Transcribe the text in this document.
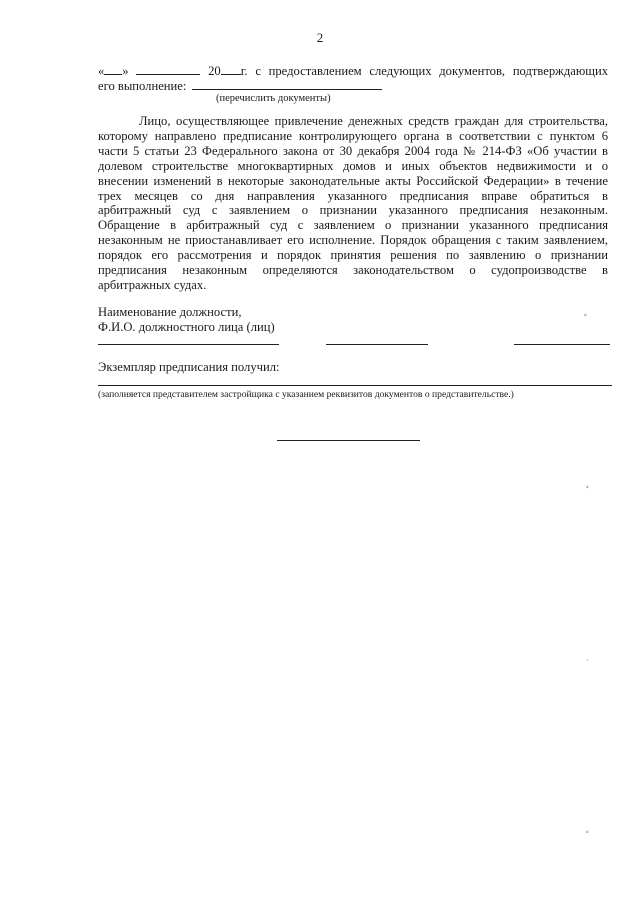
2
« »	20 г. с предоставлением следующих документов, подтверждающих
его выполнение:
(перечислить документы)
Лицо, осуществляющее привлечение денежных средств граждан для строительства,
которому направлено предписание контролирующего органа в соответствии с пунктом 6
части 5 статьи 23 Федерального закона от 30 декабря 2004 года № 214-ФЗ «Об участии в
долевом строительстве многоквартирных домов и иных объектов недвижимости и о
внесении изменений в некоторые законодательные акты Российской Федерации» в течение
трех месяцев со дня направления указанного предписания вправе обратиться в
арбитражный суд с заявлением о признании указанного предписания незаконным.
Обращение в арбитражный суд с заявлением о признании указанного предписания
незаконным не приостанавливает его исполнение. Порядок обращения с таким заявлением,
порядок его рассмотрения и порядок принятия решения по заявлению о признании
предписания незаконным определяются законодательством о судопроизводстве в
арбитражных судах.
Наименование должности,
Ф.И.О. должностного лица (лиц)
Экземпляр предписания получил:
(заполняется представителем застройщика с указанием реквизитов документов о представительстве.)
⸗
⸗
·
⸗
